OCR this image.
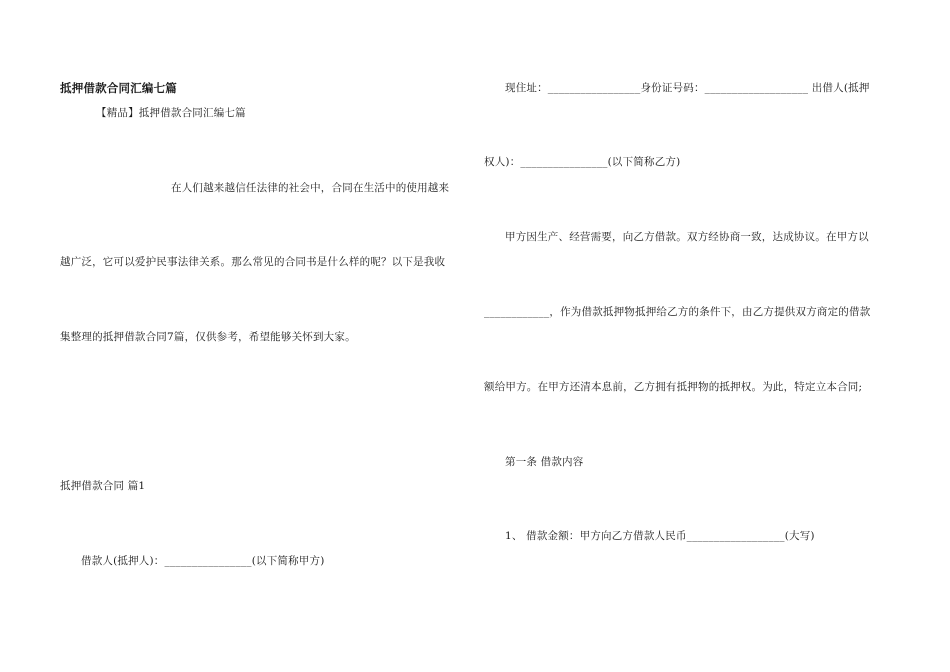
抵押借款合同汇编七篇
【精品】抵押借款合同汇编七篇
在人们越来越信任法律的社会中，合同在生活中的使用越来
越广泛，它可以爱护民事法律关系。那么常见的合同书是什么样的呢？以下是我收
集整理的抵押借款合同7篇，仅供参考，希望能够关怀到大家。
抵押借款合同 篇1
借款人(抵押人)：________________(以下简称甲方)
现住址：_________________身份证号码：___________________ 出借人(抵押
权人)：________________(以下简称乙方)
甲方因生产、经营需要，向乙方借款。双方经协商一致，达成协议。在甲方以
____________，作为借款抵押物抵押给乙方的条件下，由乙方提供双方商定的借款
额给甲方。在甲方还清本息前，乙方拥有抵押物的抵押权。为此，特定立本合同;
第一条 借款内容
1、 借款金额：甲方向乙方借款人民币__________________(大写)
